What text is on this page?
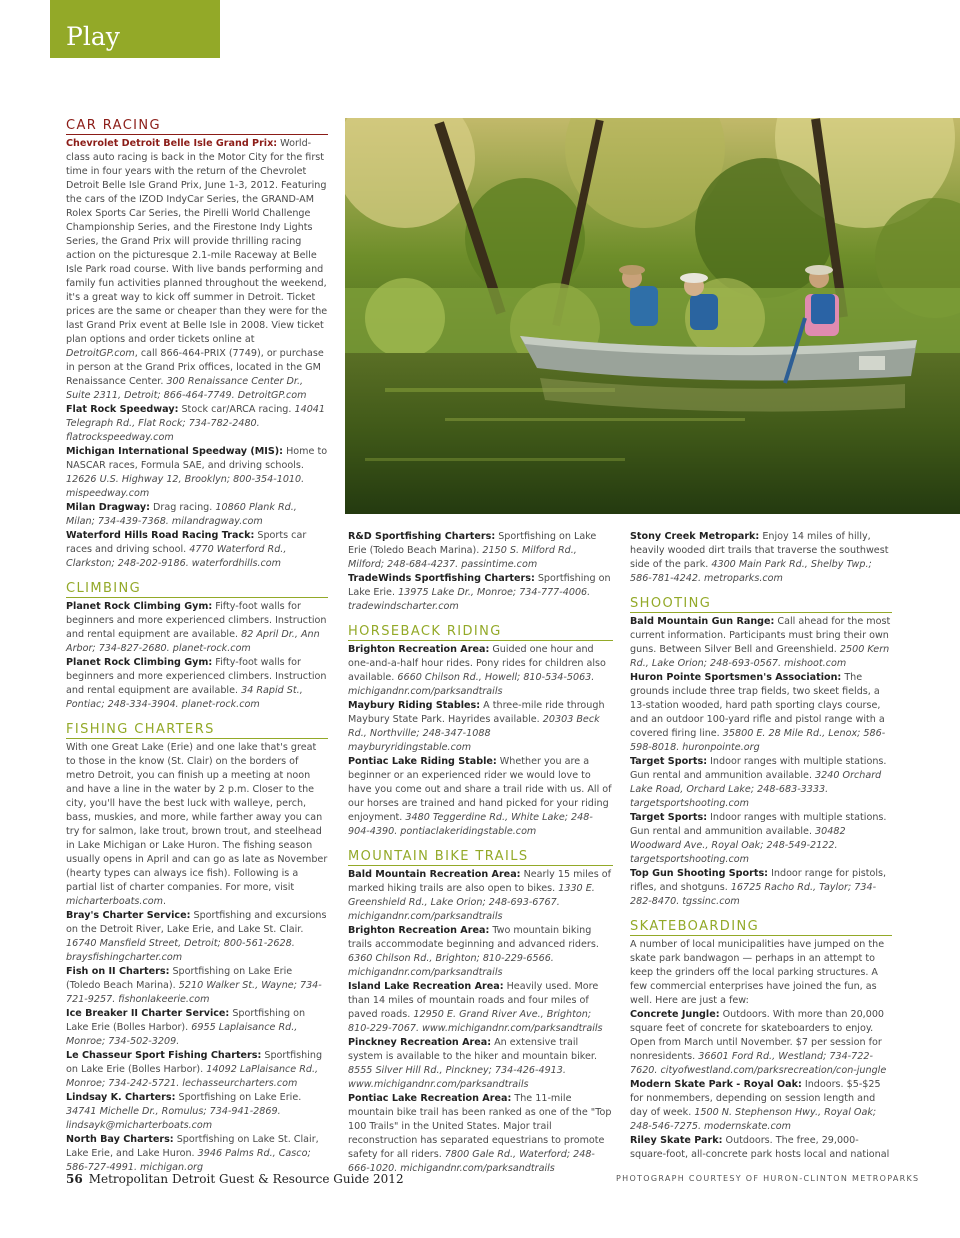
Play
CAR RACING

Chevrolet Detroit Belle Isle Grand Prix: World-class auto racing is back in the Motor City for the first time in four years with the return of the Chevrolet Detroit Belle Isle Grand Prix, June 1-3, 2012. Featuring the cars of the IZOD IndyCar Series, the GRAND-AM Rolex Sports Car Series, the Pirelli World Challenge Championship Series, and the Firestone Indy Lights Series, the Grand Prix will provide thrilling racing action on the picturesque 2.1-mile Raceway at Belle Isle Park road course. With live bands performing and family fun activities planned throughout the weekend, it's a great way to kick off summer in Detroit. Ticket prices are the same or cheaper than they were for the last Grand Prix event at Belle Isle in 2008. View ticket plan options and order tickets online at DetroitGP.com, call 866-464-PRIX (7749), or purchase in person at the Grand Prix offices, located in the GM Renaissance Center. 300 Renaissance Center Dr., Suite 2311, Detroit; 866-464-7749. DetroitGP.com

Flat Rock Speedway: Stock car/ARCA racing. 14041 Telegraph Rd., Flat Rock; 734-782-2480. flatrockspeedway.com

Michigan International Speedway (MIS): Home to NASCAR races, Formula SAE, and driving schools. 12626 U.S. Highway 12, Brooklyn; 800-354-1010. mispeedway.com

Milan Dragway: Drag racing. 10860 Plank Rd., Milan; 734-439-7368. milandragway.com

Waterford Hills Road Racing Track: Sports car races and driving school. 4770 Waterford Rd., Clarkston; 248-202-9186. waterfordhills.com

CLIMBING

Planet Rock Climbing Gym: Fifty-foot walls for beginners and more experienced climbers. Instruction and rental equipment are available. 82 April Dr., Ann Arbor; 734-827-2680. planet-rock.com

Planet Rock Climbing Gym: Fifty-foot walls for beginners and more experienced climbers. Instruction and rental equipment are available. 34 Rapid St., Pontiac; 248-334-3904. planet-rock.com

FISHING CHARTERS

With one Great Lake (Erie) and one lake that's great to those in the know (St. Clair) on the borders of metro Detroit, you can finish up a meeting at noon and have a line in the water by 2 p.m. Closer to the city, you'll have the best luck with walleye, perch, bass, muskies, and more, while farther away you can try for salmon, lake trout, brown trout, and steelhead in Lake Michigan or Lake Huron. The fishing season usually opens in April and can go as late as November (hearty types can always ice fish). Following is a partial list of charter companies. For more, visit micharterboats.com.

Bray's Charter Service: Sportfishing and excursions on the Detroit River, Lake Erie, and Lake St. Clair. 16740 Mansfield Street, Detroit; 800-561-2628. braysfishingcharter.com

Fish on II Charters: Sportfishing on Lake Erie (Toledo Beach Marina). 5210 Walker St., Wayne; 734-721-9257. fishonlakeerie.com

Ice Breaker II Charter Service: Sportfishing on Lake Erie (Bolles Harbor). 6955 Laplaisance Rd., Monroe; 734-502-3209.

Le Chasseur Sport Fishing Charters: Sportfishing on Lake Erie (Bolles Harbor). 14092 LaPlaisance Rd., Monroe; 734-242-5721. lechasseurcharters.com

Lindsay K. Charters: Sportfishing on Lake Erie. 34741 Michelle Dr., Romulus; 734-941-2869. lindsayk@micharterboats.com

North Bay Charters: Sportfishing on Lake St. Clair, Lake Erie, and Lake Huron. 3946 Palms Rd., Casco; 586-727-4991. michigan.org

R&D Sportfishing Charters: Sportfishing on Lake Erie (Toledo Beach Marina). 2150 S. Milford Rd., Milford; 248-684-4237. passintime.com

TradeWinds Sportfishing Charters: Sportfishing on Lake Erie. 13975 Lake Dr., Monroe; 734-777-4006. tradewindscharter.com

HORSEBACK RIDING

Brighton Recreation Area: Guided one hour and one-and-a-half hour rides. Pony rides for children also available. 6660 Chilson Rd., Howell; 810-534-5063. michigandnr.com/parksandtrails

Maybury Riding Stables: A three-mile ride through Maybury State Park. Hayrides available. 20303 Beck Rd., Northville; 248-347-1088 mayburyridingstable.com

Pontiac Lake Riding Stable: Whether you are a beginner or an experienced rider we would love to have you come out and share a trail ride with us. All of our horses are trained and hand picked for your riding enjoyment. 3480 Teggerdine Rd., White Lake; 248-904-4390. pontiaclakeridingstable.com

MOUNTAIN BIKE TRAILS

Bald Mountain Recreation Area: Nearly 15 miles of marked hiking trails are also open to bikes. 1330 E. Greenshield Rd., Lake Orion; 248-693-6767. michigandnr.com/parksandtrails

Brighton Recreation Area: Two mountain biking trails accommodate beginning and advanced riders. 6360 Chilson Rd., Brighton; 810-229-6566. michigandnr.com/parksandtrails

Island Lake Recreation Area: Heavily used. More than 14 miles of mountain roads and four miles of paved roads. 12950 E. Grand River Ave., Brighton; 810-229-7067. www.michigandnr.com/parksandtrails

Pinckney Recreation Area: An extensive trail system is available to the hiker and mountain biker. 8555 Silver Hill Rd., Pinckney; 734-426-4913. www.michigandnr.com/parksandtrails

Pontiac Lake Recreation Area: The 11-mile mountain bike trail has been ranked as one of the "Top 100 Trails" in the United States. Major trail reconstruction has separated equestrians to promote safety for all riders. 7800 Gale Rd., Waterford; 248-666-1020. michigandnr.com/parksandtrails

Stony Creek Metropark: Enjoy 14 miles of hilly, heavily wooded dirt trails that traverse the southwest side of the park. 4300 Main Park Rd., Shelby Twp.; 586-781-4242. metroparks.com

SHOOTING

Bald Mountain Gun Range: Call ahead for the most current information. Participants must bring their own guns. Between Silver Bell and Greenshield. 2500 Kern Rd., Lake Orion; 248-693-0567. mishoot.com

Huron Pointe Sportsmen's Association: The grounds include three trap fields, two skeet fields, a 13-station wooded, hard path sporting clays course, and an outdoor 100-yard rifle and pistol range with a covered firing line. 35800 E. 28 Mile Rd., Lenox; 586-598-8018. huronpointe.org

Target Sports: Indoor ranges with multiple stations. Gun rental and ammunition available. 3240 Orchard Lake Road, Orchard Lake; 248-683-3333. targetsportshooting.com

Target Sports: Indoor ranges with multiple stations. Gun rental and ammunition available. 30482 Woodward Ave., Royal Oak; 248-549-2122. targetsportshooting.com

Top Gun Shooting Sports: Indoor range for pistols, rifles, and shotguns. 16725 Racho Rd., Taylor; 734-282-8470. tgssinc.com

SKATEBOARDING

A number of local municipalities have jumped on the skate park bandwagon — perhaps in an attempt to keep the grinders off the local parking structures. A few commercial enterprises have joined the fun, as well. Here are just a few:

Concrete Jungle: Outdoors. With more than 20,000 square feet of concrete for skateboarders to enjoy. Open from March until November. $7 per session for nonresidents. 36601 Ford Rd., Westland; 734-722-7620. cityofwestland.com/parksrecreation/con-jungle

Modern Skate Park - Royal Oak: Indoors. $5-$25 for nonmembers, depending on session length and day of week. 1500 N. Stephenson Hwy., Royal Oak; 248-546-7275. modernskate.com

Riley Skate Park: Outdoors. The free, 29,000-square-foot, all-concrete park hosts local and national

56 Metropolitan Detroit Guest & Resource Guide 2012	PHOTOGRAPH COURTESY OF HURON-CLINTON METROPARKS
